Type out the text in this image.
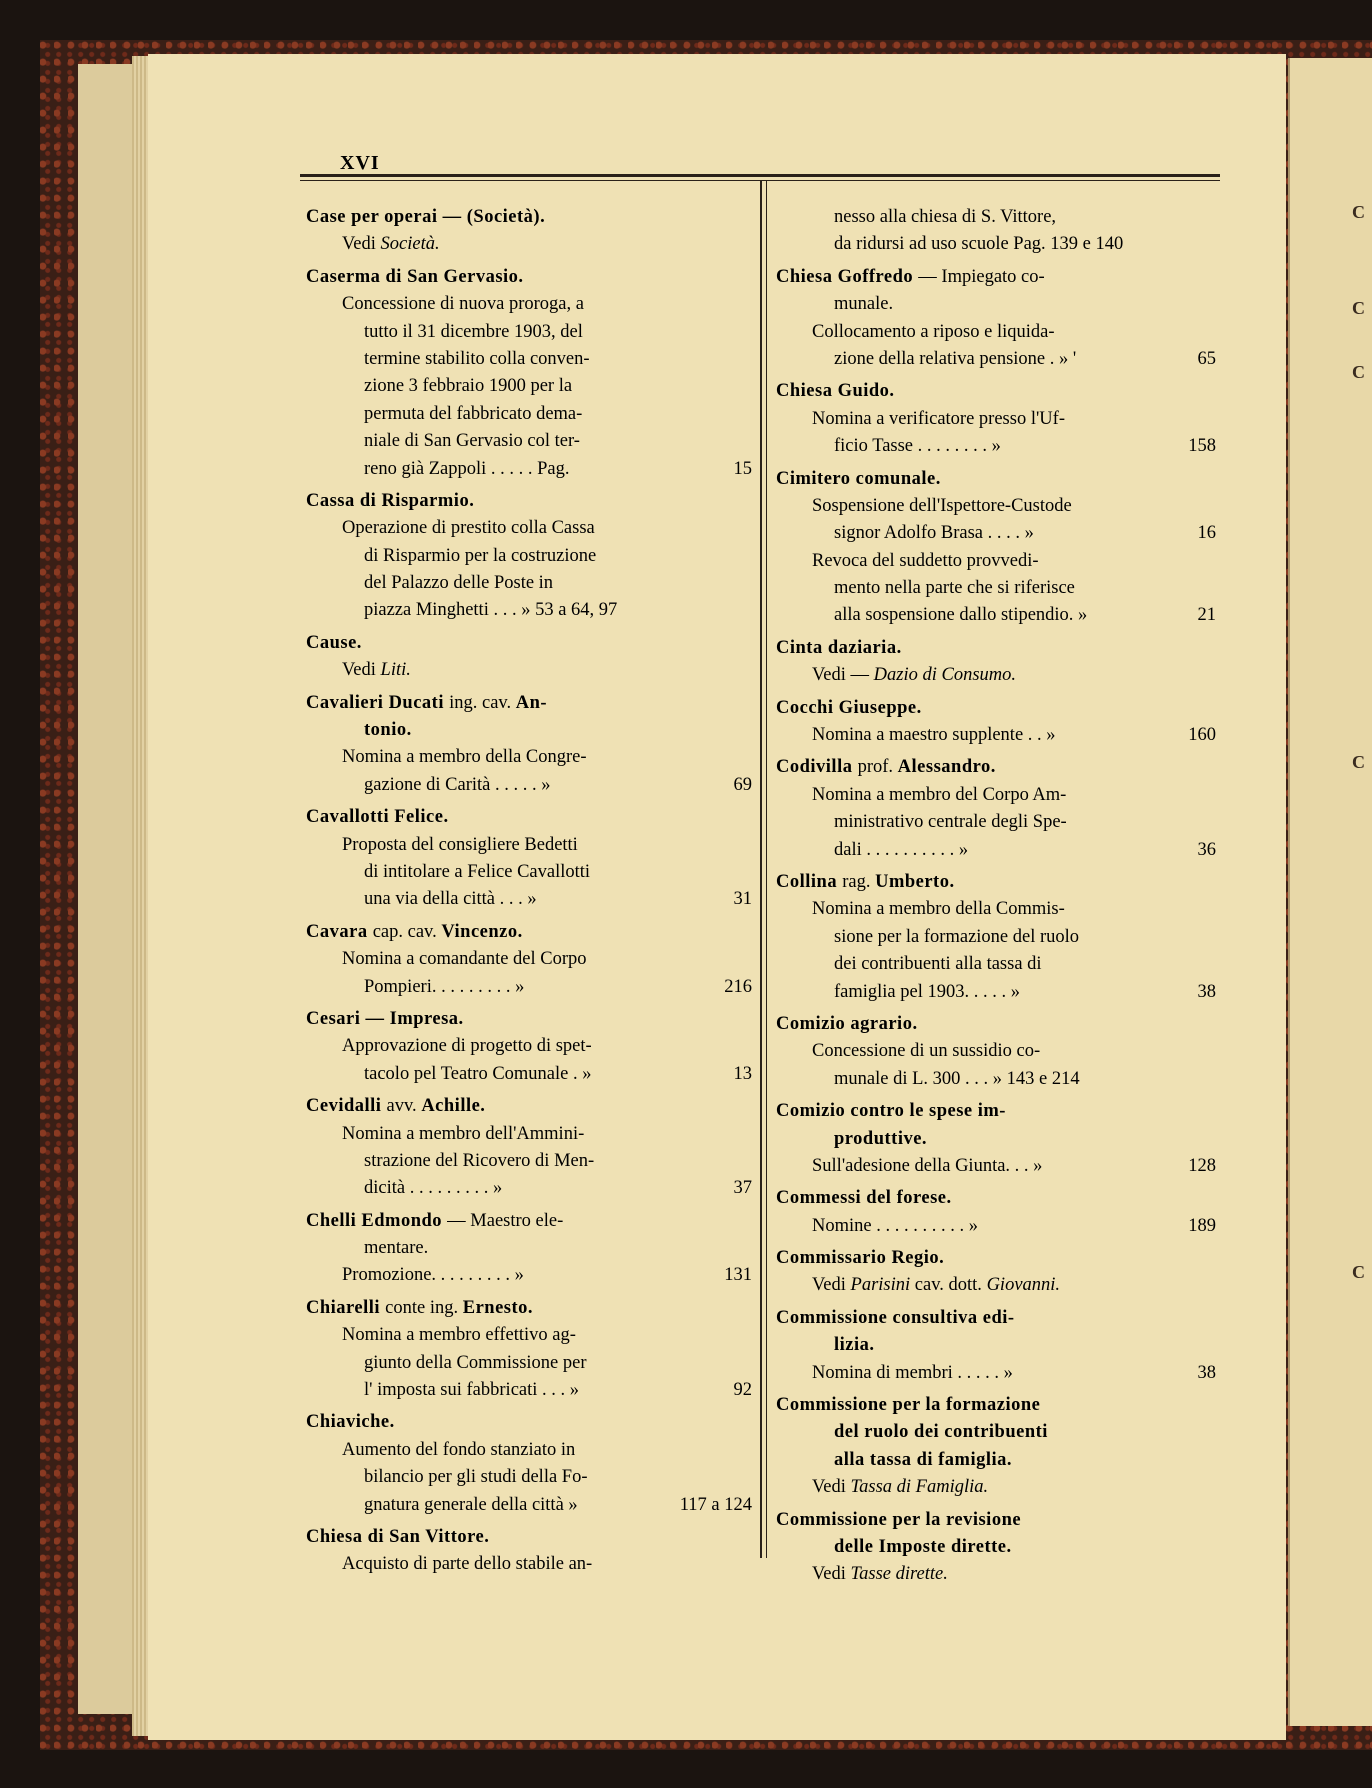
C
C
C
C
C
XVI
Case per operai — (Società).
Vedi Società.
Caserma di San Gervasio.
Concessione di nuova proroga, a
tutto il 31 dicembre 1903, del
termine stabilito colla conven-
zione 3 febbraio 1900 per la
permuta del fabbricato dema-
niale di San Gervasio col ter-
reno già Zappoli . . . . . Pag.	15
Cassa di Risparmio.
Operazione di prestito colla Cassa
di Risparmio per la costruzione
del Palazzo delle Poste in
piazza Minghetti . . . » 53 a 64, 97
Cause.
Vedi Liti.
Cavalieri Ducati ing. cav. An-
tonio.
Nomina a membro della Congre-
gazione di Carità . . . . . »	69
Cavallotti Felice.
Proposta del consigliere Bedetti
di intitolare a Felice Cavallotti
una via della città . . . »	31
Cavara cap. cav. Vincenzo.
Nomina a comandante del Corpo
Pompieri. . . . . . . . . »	216
Cesari — Impresa.
Approvazione di progetto di spet-
tacolo pel Teatro Comunale . »	13
Cevidalli avv. Achille.
Nomina a membro dell'Ammini-
strazione del Ricovero di Men-
dicità . . . . . . . . . »	37
Chelli Edmondo — Maestro ele-
mentare.
Promozione. . . . . . . . . »	131
Chiarelli conte ing. Ernesto.
Nomina a membro effettivo ag-
giunto della Commissione per
l' imposta sui fabbricati . . . »	92
Chiaviche.
Aumento del fondo stanziato in
bilancio per gli studi della Fo-
gnatura generale della città »	117 a 124
Chiesa di San Vittore.
Acquisto di parte dello stabile an-
nesso alla chiesa di S. Vittore,
da ridursi ad uso scuole Pag. 139 e 140
Chiesa Goffredo — Impiegato co-
munale.
Collocamento a riposo e liquida-
zione della relativa pensione . » '	65
Chiesa Guido.
Nomina a verificatore presso l'Uf-
ficio Tasse . . . . . . . . »	158
Cimitero comunale.
Sospensione dell'Ispettore-Custode
signor Adolfo Brasa . . . . »	16
Revoca del suddetto provvedi-
mento nella parte che si riferisce
alla sospensione dallo stipendio. »	21
Cinta daziaria.
Vedi — Dazio di Consumo.
Cocchi Giuseppe.
Nomina a maestro supplente . . »	160
Codivilla prof. Alessandro.
Nomina a membro del Corpo Am-
ministrativo centrale degli Spe-
dali . . . . . . . . . . »	36
Collina rag. Umberto.
Nomina a membro della Commis-
sione per la formazione del ruolo
dei contribuenti alla tassa di
famiglia pel 1903. . . . . »	38
Comizio agrario.
Concessione di un sussidio co-
munale di L. 300 . . . » 143 e 214
Comizio contro le spese im-
produttive.
Sull'adesione della Giunta. . . »	128
Commessi del forese.
Nomine . . . . . . . . . . »	189
Commissario Regio.
Vedi Parisini cav. dott. Giovanni.
Commissione consultiva edi-
lizia.
Nomina di membri . . . . . »	38
Commissione per la formazione
del ruolo dei contribuenti
alla tassa di famiglia.
Vedi Tassa di Famiglia.
Commissione per la revisione
delle Imposte dirette.
Vedi Tasse dirette.
